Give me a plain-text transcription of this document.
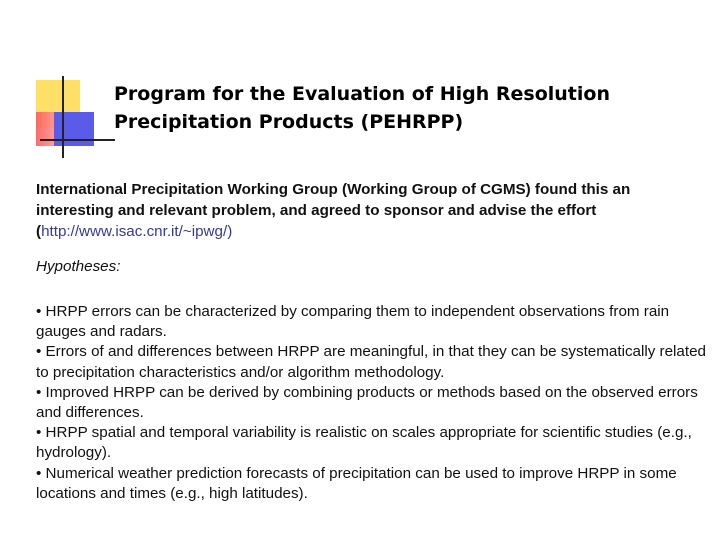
Program for the Evaluation of High Resolution
Precipitation Products (PEHRPP)
International Precipitation Working Group (Working Group of CGMS) found this an interesting and relevant problem, and agreed to sponsor and advise the effort (http://www.isac.cnr.it/~ipwg/)
Hypotheses:

• HRPP errors can be characterized by comparing them to independent observations from rain gauges and radars.

• Errors of and differences between HRPP are meaningful, in that they can be systematically related to precipitation characteristics and/or algorithm methodology.

• Improved HRPP can be derived by combining products or methods based on the observed errors and differences.

• HRPP spatial and temporal variability is realistic on scales appropriate for scientific studies (e.g., hydrology).

• Numerical weather prediction forecasts of precipitation can be used to improve HRPP in some locations and times (e.g., high latitudes).
